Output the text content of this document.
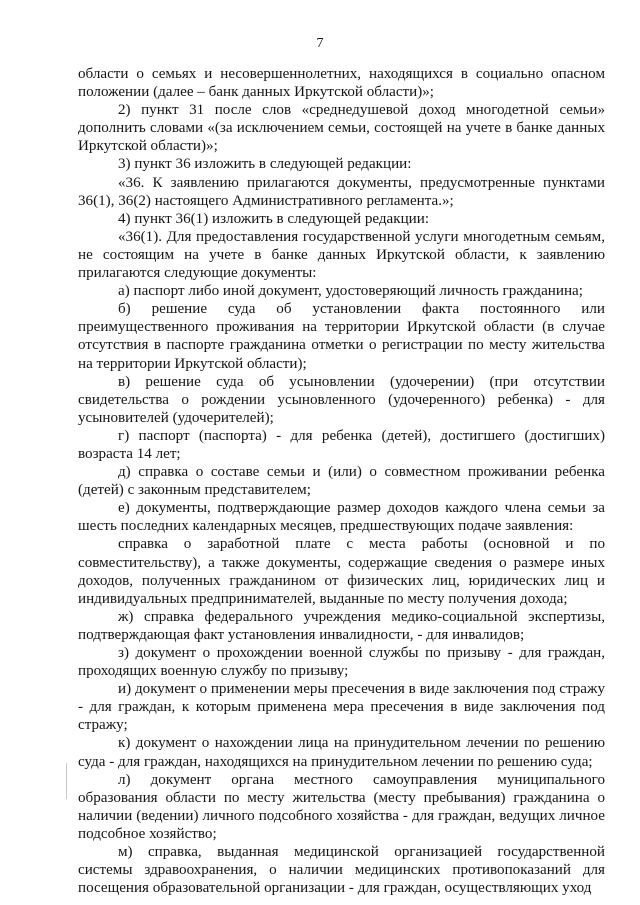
7

области о семьях и несовершеннолетних, находящихся в социально опасном положении (далее – банк данных Иркутской области)»;

2) пункт 31 после слов «среднедушевой доход многодетной семьи» дополнить словами «(за исключением семьи, состоящей на учете в банке данных Иркутской области)»;

3) пункт 36 изложить в следующей редакции:

«36. К заявлению прилагаются документы, предусмотренные пунктами 36(1), 36(2) настоящего Административного регламента.»;

4) пункт 36(1) изложить в следующей редакции:

«36(1). Для предоставления государственной услуги многодетным семьям, не состоящим на учете в банке данных Иркутской области, к заявлению прилагаются следующие документы:

а) паспорт либо иной документ, удостоверяющий личность гражданина;

б) решение суда об установлении факта постоянного или преимущественного проживания на территории Иркутской области (в случае отсутствия в паспорте гражданина отметки о регистрации по месту жительства на территории Иркутской области);

в) решение суда об усыновлении (удочерении) (при отсутствии свидетельства о рождении усыновленного (удочеренного) ребенка) - для усыновителей (удочерителей);

г) паспорт (паспорта) - для ребенка (детей), достигшего (достигших) возраста 14 лет;

д) справка о составе семьи и (или) о совместном проживании ребенка (детей) с законным представителем;

е) документы, подтверждающие размер доходов каждого члена семьи за шесть последних календарных месяцев, предшествующих подаче заявления:

справка о заработной плате с места работы (основной и по совместительству), а также документы, содержащие сведения о размере иных доходов, полученных гражданином от физических лиц, юридических лиц и индивидуальных предпринимателей, выданные по месту получения дохода;

ж) справка федерального учреждения медико-социальной экспертизы, подтверждающая факт установления инвалидности, - для инвалидов;

з) документ о прохождении военной службы по призыву - для граждан, проходящих военную службу по призыву;

и) документ о применении меры пресечения в виде заключения под стражу - для граждан, к которым применена мера пресечения в виде заключения под стражу;

к) документ о нахождении лица на принудительном лечении по решению суда - для граждан, находящихся на принудительном лечении по решению суда;

л) документ органа местного самоуправления муниципального образования области по месту жительства (месту пребывания) гражданина о наличии (ведении) личного подсобного хозяйства - для граждан, ведущих личное подсобное хозяйство;

м) справка, выданная медицинской организацией государственной системы здравоохранения, о наличии медицинских противопоказаний для посещения образовательной организации - для граждан, осуществляющих уход
